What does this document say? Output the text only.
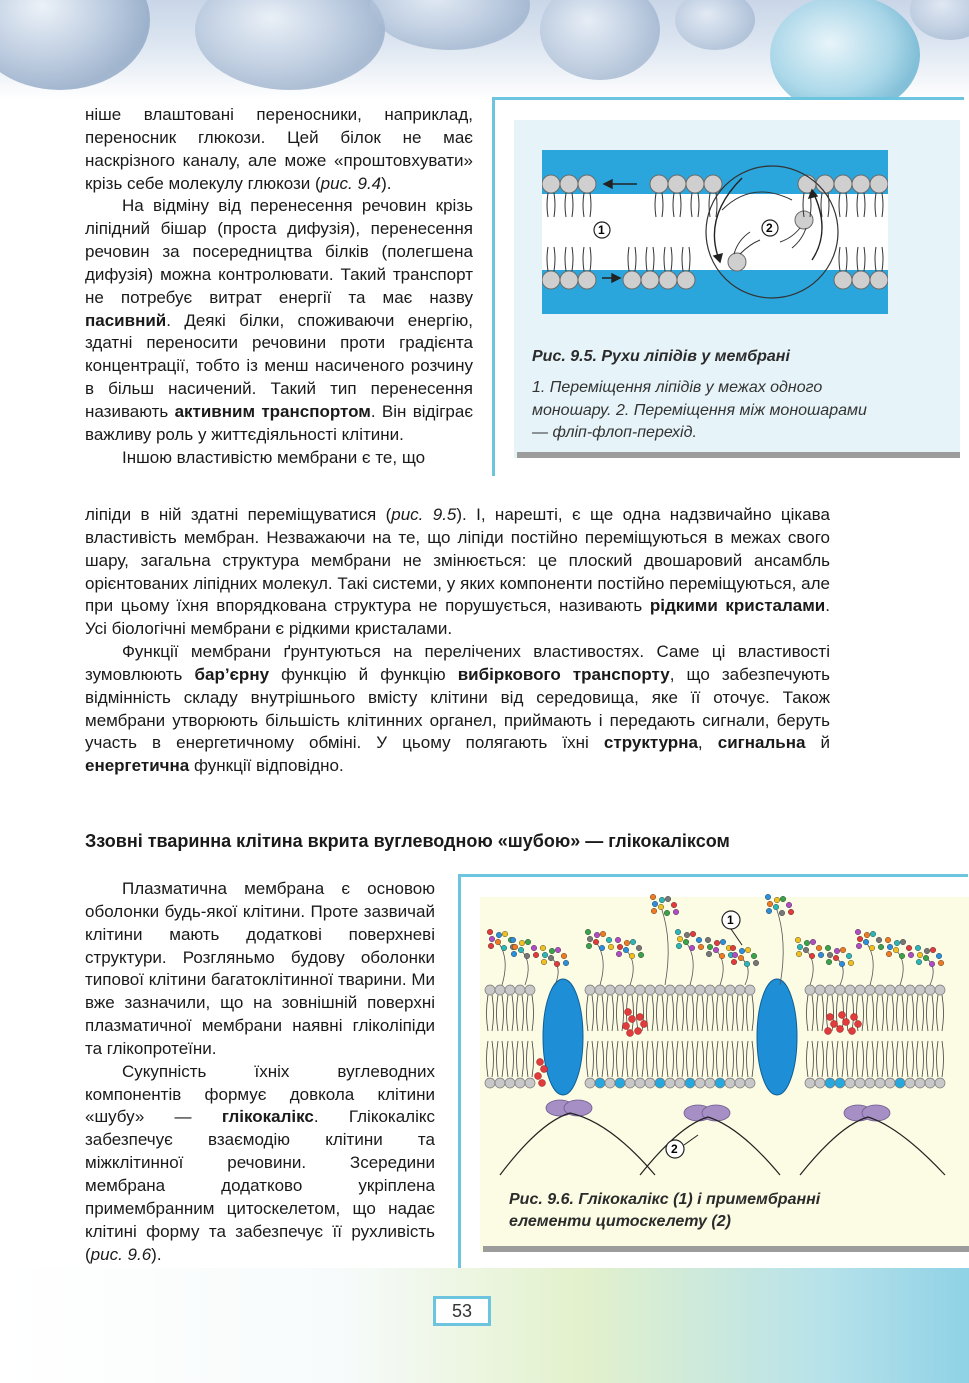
ніше влаштовані переносники, наприклад, переносник глюкози. Цей білок не має наскрізного каналу, але може «проштовхувати» крізь себе молекулу глюкози (рис. 9.4).

На відміну від перенесення речовин крізь ліпідний бішар (проста дифузія), перенесення речовин за посередництва білків (полегшена дифузія) можна контролювати. Такий транспорт не потребує витрат енергії та має назву пасивний. Деякі білки, споживаючи енергію, здатні переносити речовини проти градієнта концентрації, тобто із менш насиченого розчину в більш насичений. Такий тип перенесення називають активним транспортом. Він відіграє важливу роль у життєдіяльності клітини.

Іншою властивістю мембрани є те, що

1	2
Рис. 9.5. Рухи ліпідів у мембрані
1. Переміщення ліпідів у межах одного моношару. 2. Переміщення між моношарами — фліп-флоп-перехід.

ліпіди в ній здатні переміщуватися (рис. 9.5). І, нарешті, є ще одна надзвичайно цікава властивість мембран. Незважаючи на те, що ліпіди постійно переміщуються в межах свого шару, загальна структура мембрани не змінюється: це плоский двошаровий ансамбль орієнтованих ліпідних молекул. Такі системи, у яких компоненти постійно переміщуються, але при цьому їхня впорядкована структура не порушується, називають рідкими кристалами. Усі біологічні мембрани є рідкими кристалами.

Функції мембрани ґрунтуються на перелічених властивостях. Саме ці властивості зумовлюють бар’єрну функцію й функцію вибіркового транспорту, що забезпечують відмінність складу внутрішнього вмісту клітини від середовища, яке її оточує. Також мембрани утворюють більшість клітинних органел, приймають і передають сигнали, беруть участь в енергетичному обміні. У цьому полягають їхні структурна, сигнальна й енергетична функції відповідно.

Ззовні тваринна клітина вкрита вуглеводною «шубою» — глікокаліксом

Плазматична мембрана є основою оболонки будь-якої клітини. Проте зазвичай клітини мають додаткові поверхневі структури. Розгляньмо будову оболонки типової клітини багатоклітинної тварини. Ми вже зазначили, що на зовнішній поверхні плазматичної мембрани наявні гліколіпіди та глікопротеїни.

Сукупність їхніх вуглеводних компонентів формує довкола клітини «шубу» — глікокалікс. Глікокалікс забезпечує взаємодію клітини та міжклітинної речовини. Зсередини мембрана додатково укріплена примембранним цитоскелетом, що надає клітині форму та забезпечує її рухливість (рис. 9.6).

1
2
Рис. 9.6. Глікокалікс (1) і примембранні елементи цитоскелету (2)
53
